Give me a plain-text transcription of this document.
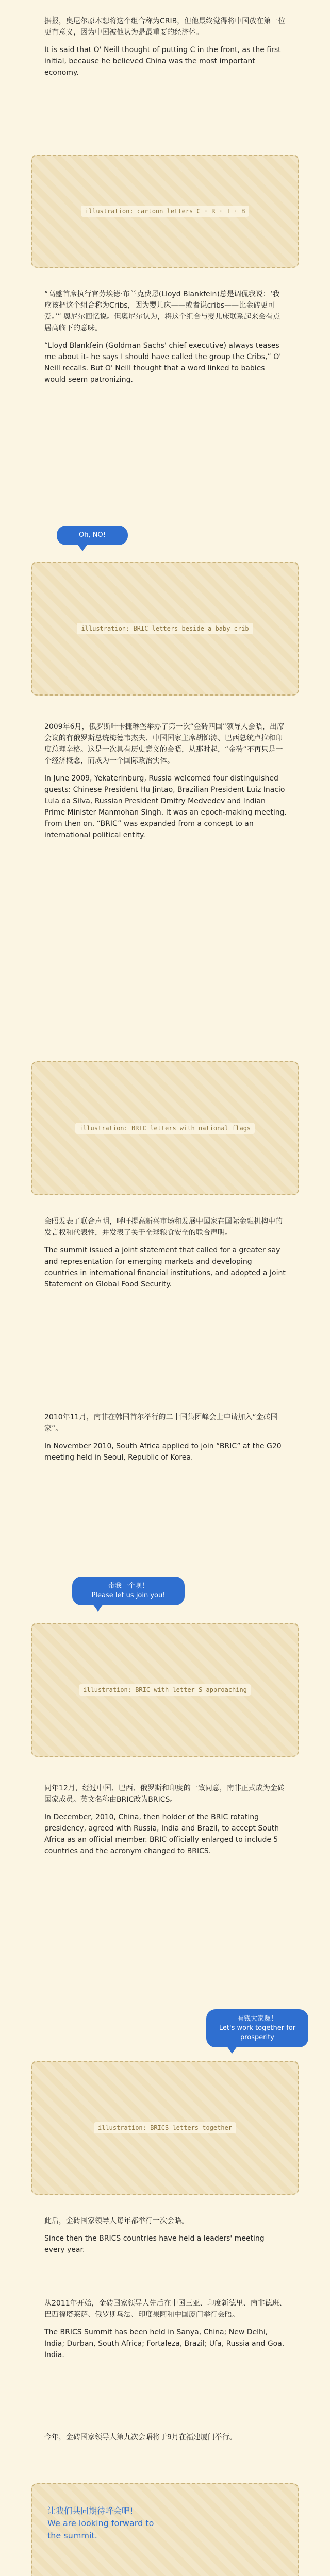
据报，奥尼尔原本想将这个组合称为CRIB，但他最终觉得将中国放在第一位更有意义，因为中国被他认为是最重要的经济体。

It is said that O' Neill thought of putting C in the front, as the first initial, because he believed China was the most important economy.

illustration: cartoon letters C · R · I · B

“高盛首席执行官劳埃德·布兰克费恩(Lloyd Blankfein)总是调侃我说：‘我应该把这个组合称为Cribs，因为婴儿床——或者说cribs——比金砖更可爱。’” 奥尼尔回忆说。但奥尼尔认为，将这个组合与婴儿床联系起来会有点居高临下的意味。

“Lloyd Blankfein (Goldman Sachs' chief executive) always teases me about it- he says I should have called the group the Cribs,” O' Neill recalls. But O' Neill thought that a word linked to babies would seem patronizing.

Oh, NO!
illustration: BRIC letters beside a baby crib

2009年6月，俄罗斯叶卡捷琳堡举办了第一次“金砖四国”领导人会晤，出席会议的有俄罗斯总统梅德韦杰夫、中国国家主席胡锦涛、巴西总统卢拉和印度总理辛格。这是一次具有历史意义的会晤，从那时起，“金砖”不再只是一个经济概念，而成为一个国际政治实体。

In June 2009, Yekaterinburg, Russia welcomed four distinguished guests: Chinese President Hu Jintao, Brazilian President Luiz Inacio Lula da Silva, Russian President Dmitry Medvedev and Indian Prime Minister Manmohan Singh. It was an epoch-making meeting. From then on, “BRIC” was expanded from a concept to an international political entity.

illustration: BRIC letters with national flags

会晤发表了联合声明，呼吁提高新兴市场和发展中国家在国际金融机构中的发言权和代表性，并发表了关于全球粮食安全的联合声明。

The summit issued a joint statement that called for a greater say and representation for emerging markets and developing countries in international financial institutions, and adopted a Joint Statement on Global Food Security.

2010年11月，南非在韩国首尔举行的二十国集团峰会上申请加入“金砖国家”。

In November 2010, South Africa applied to join “BRIC” at the G20 meeting held in Seoul, Republic of Korea.

带我一个呗！
Please let us join you!
illustration: BRIC with letter S approaching

同年12月，经过中国、巴西、俄罗斯和印度的一致同意，南非正式成为金砖国家成员。英文名称由BRIC改为BRICS。

In December, 2010, China, then holder of the BRIC rotating presidency, agreed with Russia, India and Brazil, to accept South Africa as an official member. BRIC officially enlarged to include 5 countries and the acronym changed to BRICS.

有钱大家赚！
Let's work together for prosperity
illustration: BRICS letters together

此后，金砖国家领导人每年都举行一次会晤。

Since then the BRICS countries have held a leaders' meeting every year.

从2011年开始，金砖国家领导人先后在中国三亚、印度新德里、南非德班、巴西福塔莱萨、俄罗斯乌法、印度果阿和中国厦门举行会晤。

The BRICS Summit has been held in Sanya, China; New Delhi, India; Durban, South Africa; Fortaleza, Brazil; Ufa, Russia and Goa, India.

今年，金砖国家领导人第九次会晤将于9月在福建厦门举行。

让我们共同期待峰会吧!
We are looking forward to the summit.
